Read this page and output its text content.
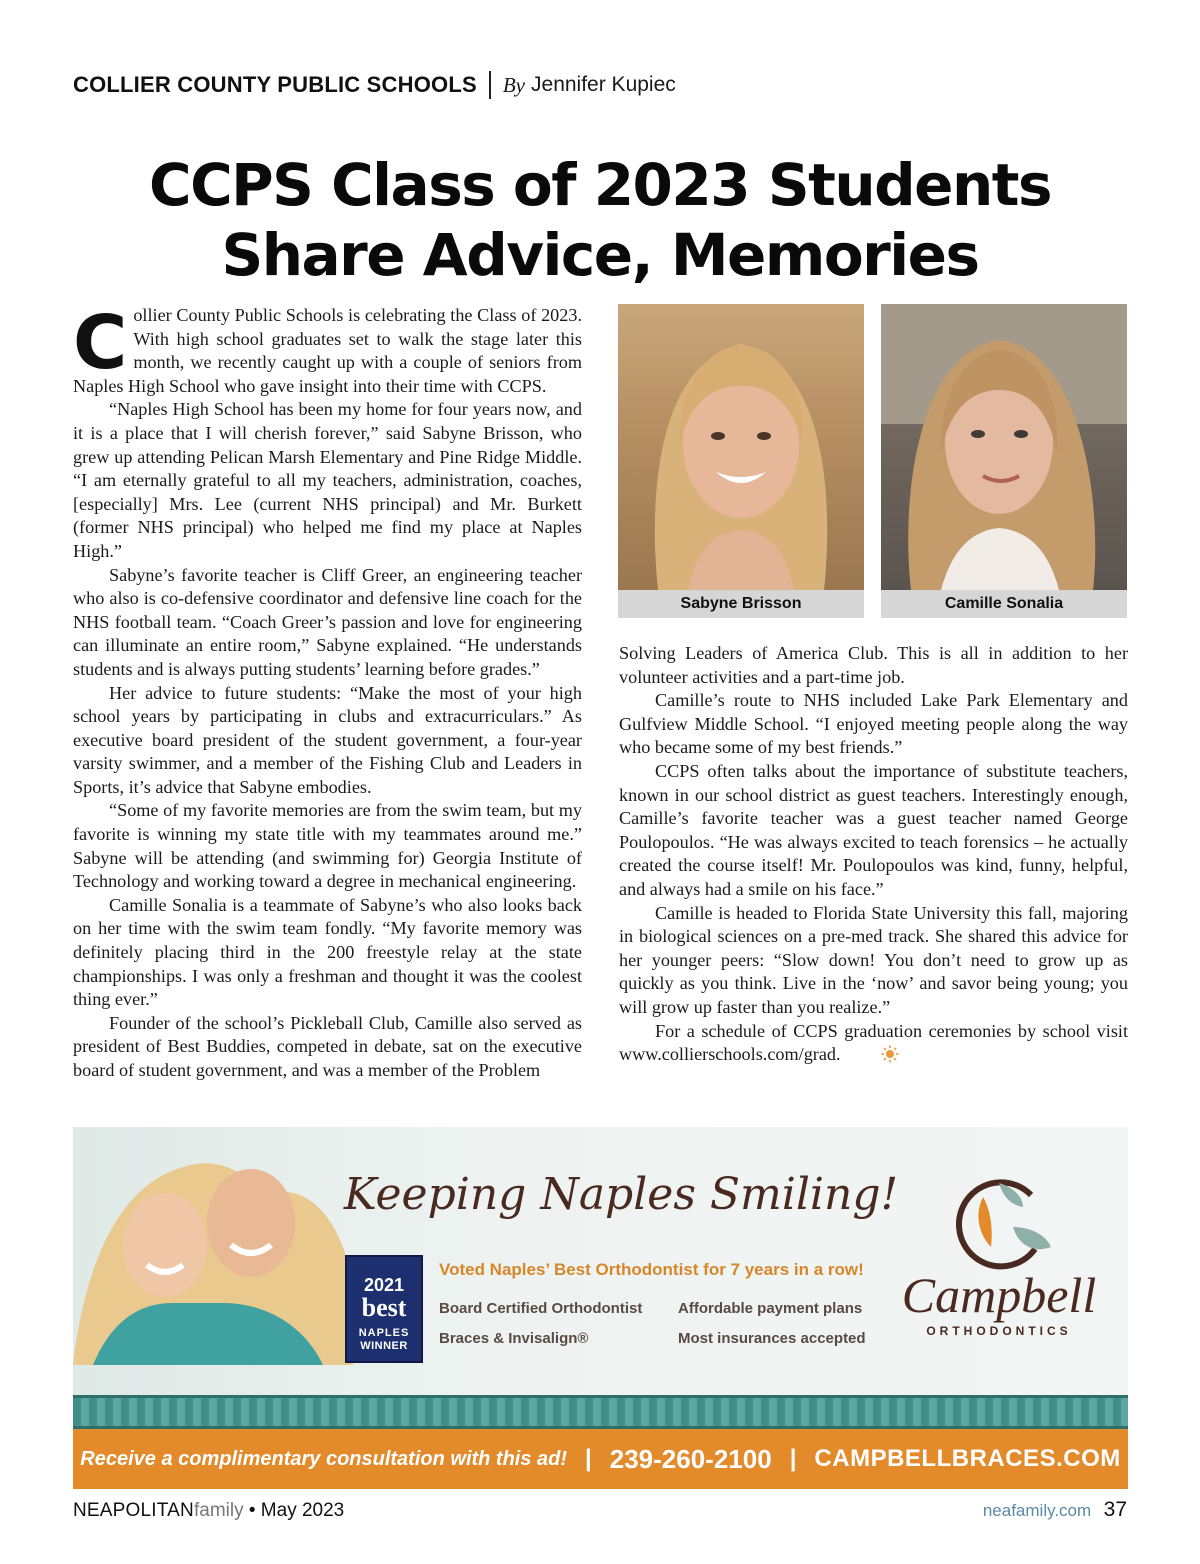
COLLIER COUNTY PUBLIC SCHOOLS By Jennifer Kupiec
CCPS Class of 2023 Students
Share Advice, Memories

Collier County Public Schools is celebrating the Class of 2023. With high school graduates set to walk the stage later this month, we recently caught up with a couple of seniors from Naples High School who gave insight into their time with CCPS.

“Naples High School has been my home for four years now, and it is a place that I will cherish forever,” said Sabyne Brisson, who grew up attending Pelican Marsh Elementary and Pine Ridge Middle. “I am eternally grateful to all my teachers, administration, coaches, [especially] Mrs. Lee (current NHS principal) and Mr. Burkett (former NHS principal) who helped me find my place at Naples High.”

Sabyne’s favorite teacher is Cliff Greer, an engineering teacher who also is co-defensive coordinator and defensive line coach for the NHS football team. “Coach Greer’s passion and love for engineering can illuminate an entire room,” Sabyne explained. “He understands students and is always putting students’ learning before grades.”

Her advice to future students: “Make the most of your high school years by participating in clubs and extracurriculars.” As executive board president of the student government, a four-year varsity swimmer, and a member of the Fishing Club and Leaders in Sports, it’s advice that Sabyne embodies.

“Some of my favorite memories are from the swim team, but my favorite is winning my state title with my teammates around me.” Sabyne will be attending (and swimming for) Georgia Institute of Technology and working toward a degree in mechanical engineering.

Camille Sonalia is a teammate of Sabyne’s who also looks back on her time with the swim team fondly. “My favorite memory was definitely placing third in the 200 freestyle relay at the state championships. I was only a freshman and thought it was the coolest thing ever.”

Founder of the school’s Pickleball Club, Camille also served as president of Best Buddies, competed in debate, sat on the executive board of student government, and was a member of the Problem

Sabyne Brisson	Camille Sonalia

Solving Leaders of America Club. This is all in addition to her volunteer activities and a part-time job.

Camille’s route to NHS included Lake Park Elementary and Gulfview Middle School. “I enjoyed meeting people along the way who became some of my best friends.”

CCPS often talks about the importance of substitute teachers, known in our school district as guest teachers. Interestingly enough, Camille’s favorite teacher was a guest teacher named George Poulopoulos. “He was always excited to teach forensics – he actually created the course itself! Mr. Poulopoulos was kind, funny, helpful, and always had a smile on his face.”

Camille is headed to Florida State University this fall, majoring in biological sciences on a pre-med track. She shared this advice for her younger peers: “Slow down! You don’t need to grow up as quickly as you think. Live in the ‘now’ and savor being young; you will grow up faster than you realize.”

For a schedule of CCPS graduation ceremonies by school visit www.collierschools.com/grad.

Keeping Naples Smiling!
2021
best
NAPLES
WINNER
Voted Naples’ Best Orthodontist for 7 years in a row!
Board Certified Orthodontist
Braces & Invisalign®
Affordable payment plans
Most insurances accepted
Campbell
ORTHODONTICS
Receive a complimentary consultation with this ad! | 239-260-2100 | CAMPBELLBRACES.COM
NEAPOLITANfamily • May 2023	neafamily.com 37
